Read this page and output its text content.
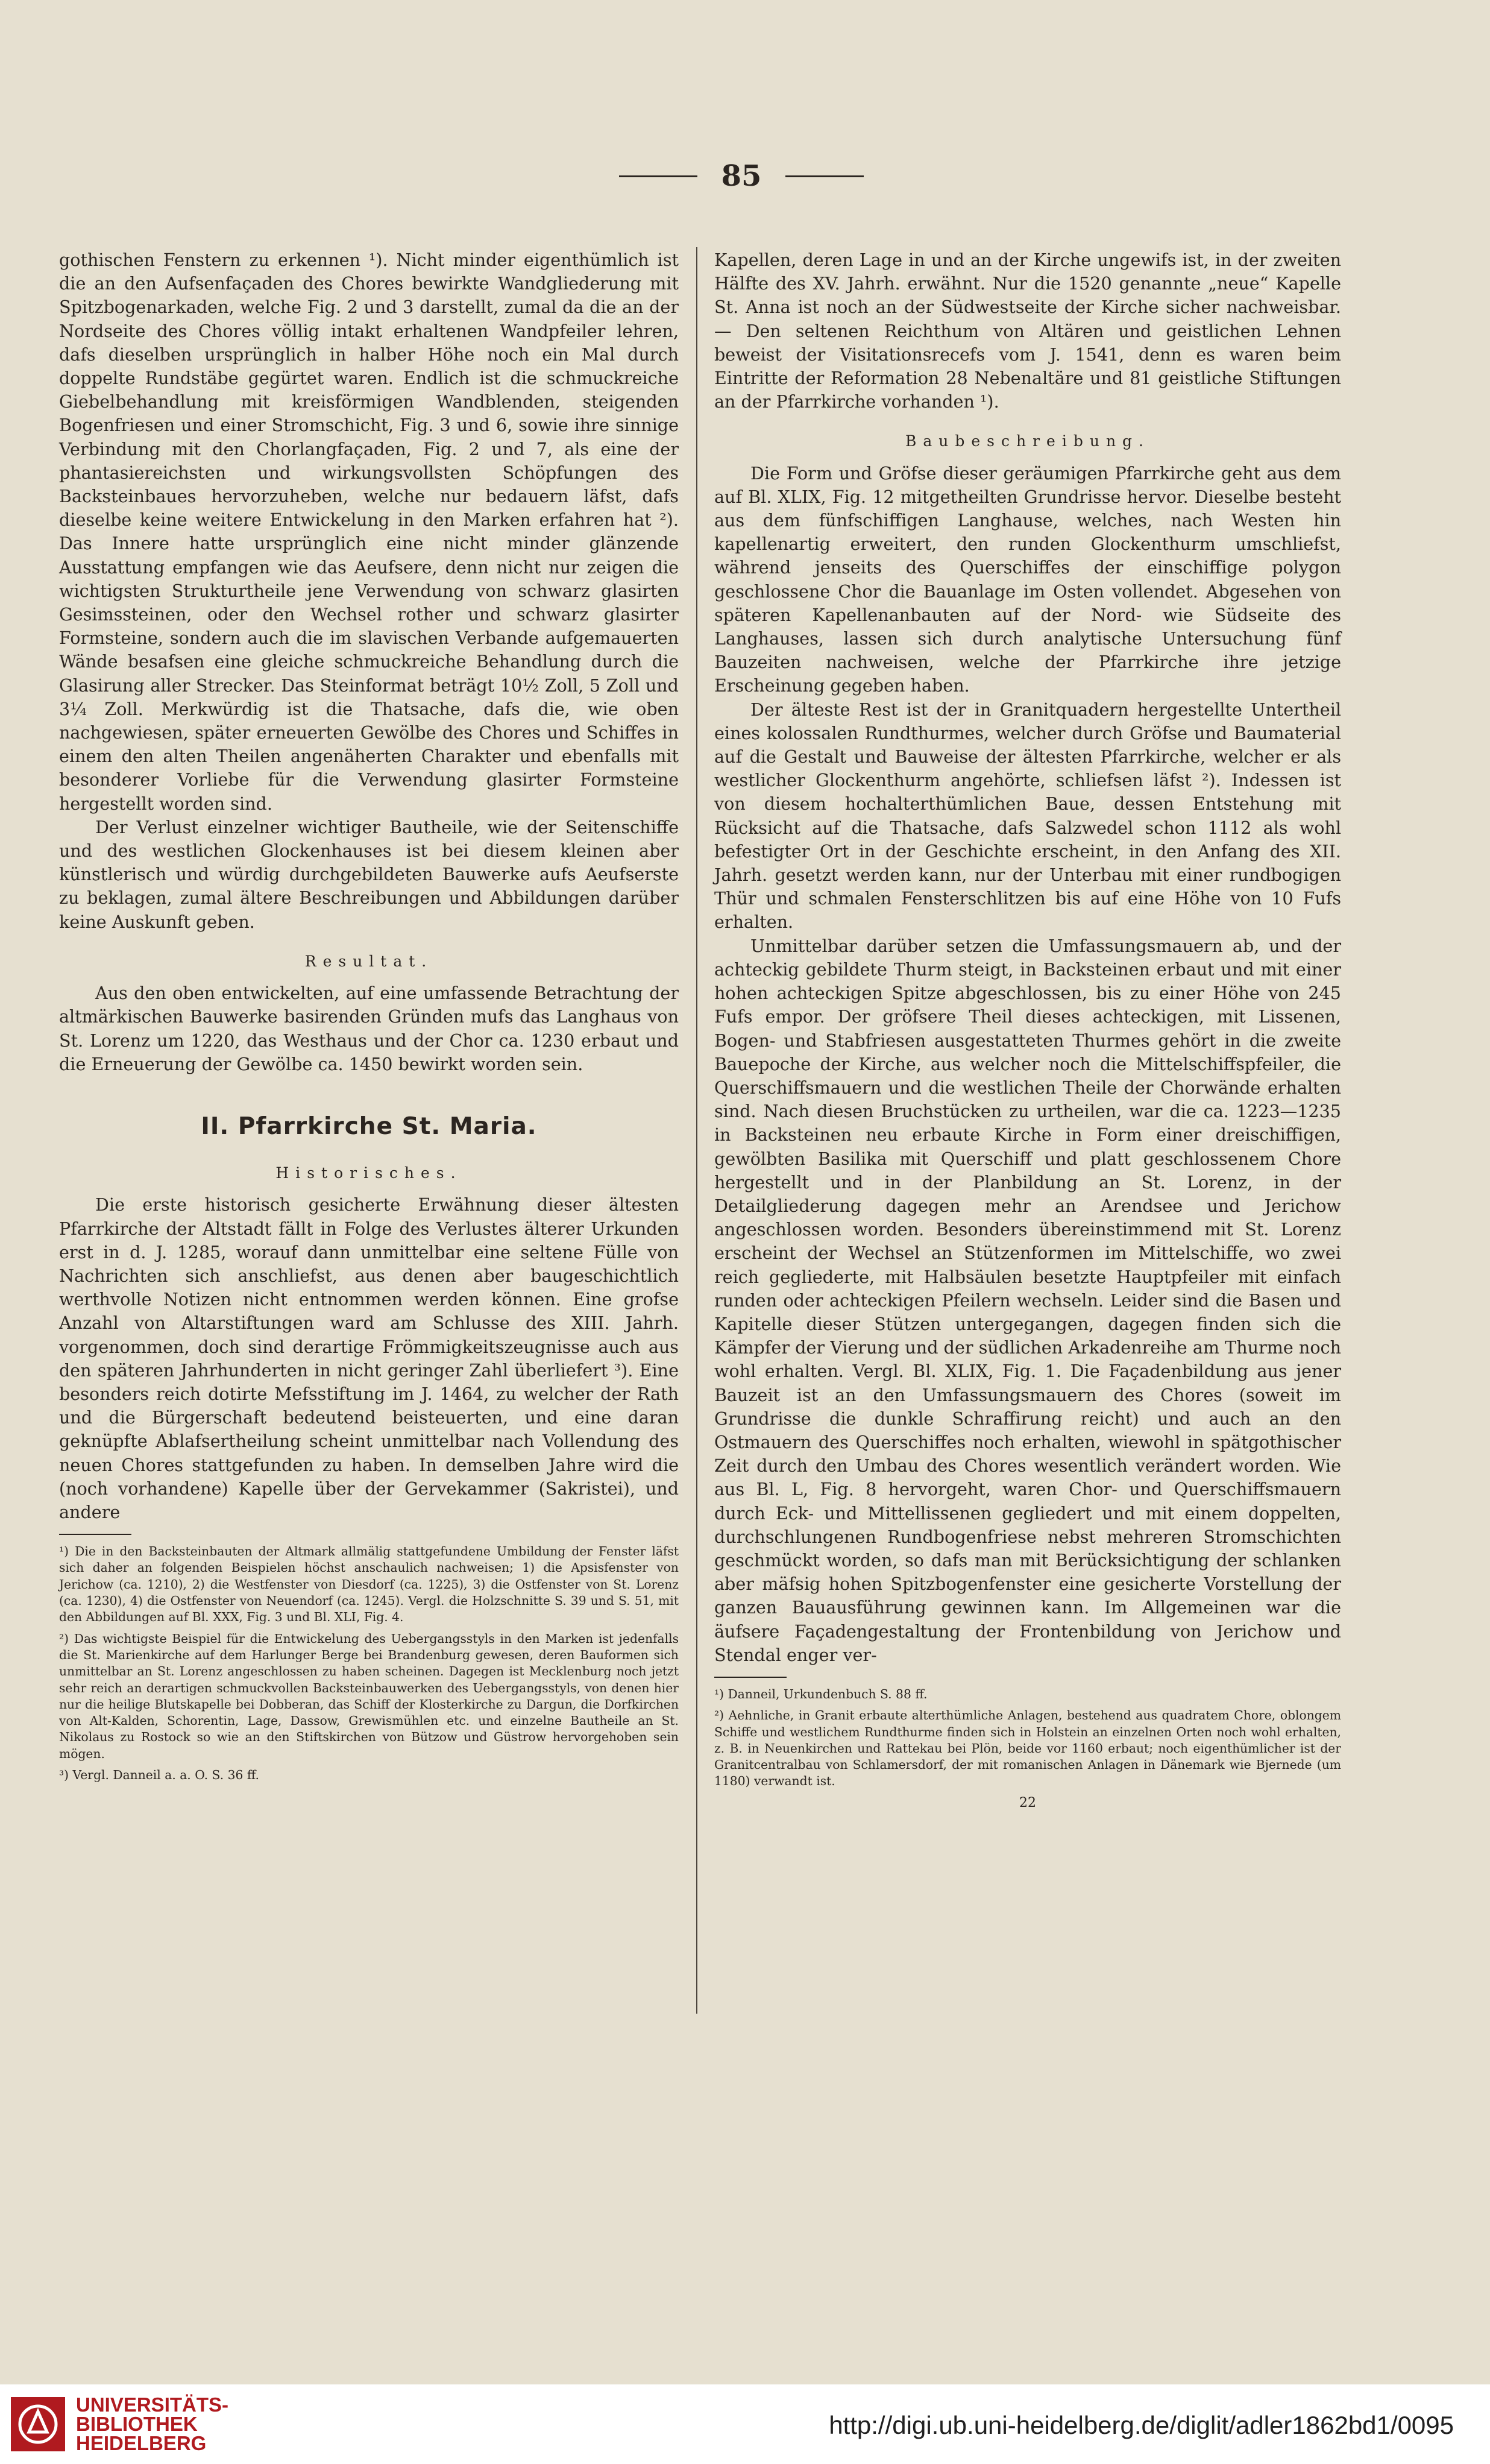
85

gothischen Fenstern zu erkennen ¹). Nicht minder eigenthümlich ist die an den Aufsenfaçaden des Chores bewirkte Wandgliederung mit Spitzbogenarkaden, welche Fig. 2 und 3 darstellt, zumal da die an der Nordseite des Chores völlig intakt erhaltenen Wandpfeiler lehren, dafs dieselben ursprünglich in halber Höhe noch ein Mal durch doppelte Rundstäbe gegürtet waren. Endlich ist die schmuckreiche Giebelbehandlung mit kreisförmigen Wandblenden, steigenden Bogenfriesen und einer Stromschicht, Fig. 3 und 6, sowie ihre sinnige Verbindung mit den Chorlangfaçaden, Fig. 2 und 7, als eine der phantasiereichsten und wirkungsvollsten Schöpfungen des Backsteinbaues hervorzuheben, welche nur bedauern läfst, dafs dieselbe keine weitere Entwickelung in den Marken erfahren hat ²). Das Innere hatte ursprünglich eine nicht minder glänzende Ausstattung empfangen wie das Aeufsere, denn nicht nur zeigen die wichtigsten Strukturtheile jene Verwendung von schwarz glasirten Gesimssteinen, oder den Wechsel rother und schwarz glasirter Formsteine, sondern auch die im slavischen Verbande aufgemauerten Wände besafsen eine gleiche schmuckreiche Behandlung durch die Glasirung aller Strecker. Das Steinformat beträgt 10½ Zoll, 5 Zoll und 3¼ Zoll. Merkwürdig ist die Thatsache, dafs die, wie oben nachgewiesen, später erneuerten Gewölbe des Chores und Schiffes in einem den alten Theilen angenäherten Charakter und ebenfalls mit besonderer Vorliebe für die Verwendung glasirter Formsteine hergestellt worden sind.

Der Verlust einzelner wichtiger Bautheile, wie der Seitenschiffe und des westlichen Glockenhauses ist bei diesem kleinen aber künstlerisch und würdig durchgebildeten Bauwerke aufs Aeufserste zu beklagen, zumal ältere Beschreibungen und Abbildungen darüber keine Auskunft geben.

Resultat.

Aus den oben entwickelten, auf eine umfassende Betrachtung der altmärkischen Bauwerke basirenden Gründen mufs das Langhaus von St. Lorenz um 1220, das Westhaus und der Chor ca. 1230 erbaut und die Erneuerung der Gewölbe ca. 1450 bewirkt worden sein.

II. Pfarrkirche St. Maria.
Historisches.

Die erste historisch gesicherte Erwähnung dieser ältesten Pfarrkirche der Altstadt fällt in Folge des Verlustes älterer Urkunden erst in d. J. 1285, worauf dann unmittelbar eine seltene Fülle von Nachrichten sich anschliefst, aus denen aber baugeschichtlich werthvolle Notizen nicht entnommen werden können. Eine grofse Anzahl von Altarstiftungen ward am Schlusse des XIII. Jahrh. vorgenommen, doch sind derartige Frömmigkeitszeugnisse auch aus den späteren Jahrhunderten in nicht geringer Zahl überliefert ³). Eine besonders reich dotirte Mefsstiftung im J. 1464, zu welcher der Rath und die Bürgerschaft bedeutend beisteuerten, und eine daran geknüpfte Ablafsertheilung scheint unmittelbar nach Vollendung des neuen Chores stattgefunden zu haben. In demselben Jahre wird die (noch vorhandene) Kapelle über der Gervekammer (Sakristei), und andere

¹) Die in den Backsteinbauten der Altmark allmälig stattgefundene Umbildung der Fenster läfst sich daher an folgenden Beispielen höchst anschaulich nachweisen; 1) die Apsisfenster von Jerichow (ca. 1210), 2) die Westfenster von Diesdorf (ca. 1225), 3) die Ostfenster von St. Lorenz (ca. 1230), 4) die Ostfenster von Neuendorf (ca. 1245). Vergl. die Holzschnitte S. 39 und S. 51, mit den Abbildungen auf Bl. XXX, Fig. 3 und Bl. XLI, Fig. 4.

²) Das wichtigste Beispiel für die Entwickelung des Uebergangsstyls in den Marken ist jedenfalls die St. Marienkirche auf dem Harlunger Berge bei Brandenburg gewesen, deren Bauformen sich unmittelbar an St. Lorenz angeschlossen zu haben scheinen. Dagegen ist Mecklenburg noch jetzt sehr reich an derartigen schmuckvollen Backsteinbauwerken des Uebergangsstyls, von denen hier nur die heilige Blutskapelle bei Dobberan, das Schiff der Klosterkirche zu Dargun, die Dorfkirchen von Alt-Kalden, Schorentin, Lage, Dassow, Grewismühlen etc. und einzelne Bautheile an St. Nikolaus zu Rostock so wie an den Stiftskirchen von Bützow und Güstrow hervorgehoben sein mögen.

³) Vergl. Danneil a. a. O. S. 36 ff.

Kapellen, deren Lage in und an der Kirche ungewifs ist, in der zweiten Hälfte des XV. Jahrh. erwähnt. Nur die 1520 genannte „neue“ Kapelle St. Anna ist noch an der Südwestseite der Kirche sicher nachweisbar. — Den seltenen Reichthum von Altären und geistlichen Lehnen beweist der Visitationsrecefs vom J. 1541, denn es waren beim Eintritte der Reformation 28 Nebenaltäre und 81 geistliche Stiftungen an der Pfarrkirche vorhanden ¹).

Baubeschreibung.

Die Form und Gröfse dieser geräumigen Pfarrkirche geht aus dem auf Bl. XLIX, Fig. 12 mitgetheilten Grundrisse hervor. Dieselbe besteht aus dem fünfschiffigen Langhause, welches, nach Westen hin kapellenartig erweitert, den runden Glockenthurm umschliefst, während jenseits des Querschiffes der einschiffige polygon geschlossene Chor die Bauanlage im Osten vollendet. Abgesehen von späteren Kapellenanbauten auf der Nord- wie Südseite des Langhauses, lassen sich durch analytische Untersuchung fünf Bauzeiten nachweisen, welche der Pfarrkirche ihre jetzige Erscheinung gegeben haben.

Der älteste Rest ist der in Granitquadern hergestellte Untertheil eines kolossalen Rundthurmes, welcher durch Gröfse und Baumaterial auf die Gestalt und Bauweise der ältesten Pfarrkirche, welcher er als westlicher Glockenthurm angehörte, schliefsen läfst ²). Indessen ist von diesem hochalterthümlichen Baue, dessen Entstehung mit Rücksicht auf die Thatsache, dafs Salzwedel schon 1112 als wohl befestigter Ort in der Geschichte erscheint, in den Anfang des XII. Jahrh. gesetzt werden kann, nur der Unterbau mit einer rundbogigen Thür und schmalen Fensterschlitzen bis auf eine Höhe von 10 Fufs erhalten.

Unmittelbar darüber setzen die Umfassungsmauern ab, und der achteckig gebildete Thurm steigt, in Backsteinen erbaut und mit einer hohen achteckigen Spitze abgeschlossen, bis zu einer Höhe von 245 Fufs empor. Der gröfsere Theil dieses achteckigen, mit Lissenen, Bogen- und Stabfriesen ausgestatteten Thurmes gehört in die zweite Bauepoche der Kirche, aus welcher noch die Mittelschiffspfeiler, die Querschiffsmauern und die westlichen Theile der Chorwände erhalten sind. Nach diesen Bruchstücken zu urtheilen, war die ca. 1223—1235 in Backsteinen neu erbaute Kirche in Form einer dreischiffigen, gewölbten Basilika mit Querschiff und platt geschlossenem Chore hergestellt und in der Planbildung an St. Lorenz, in der Detailgliederung dagegen mehr an Arendsee und Jerichow angeschlossen worden. Besonders übereinstimmend mit St. Lorenz erscheint der Wechsel an Stützenformen im Mittelschiffe, wo zwei reich gegliederte, mit Halbsäulen besetzte Hauptpfeiler mit einfach runden oder achteckigen Pfeilern wechseln. Leider sind die Basen und Kapitelle dieser Stützen untergegangen, dagegen finden sich die Kämpfer der Vierung und der südlichen Arkadenreihe am Thurme noch wohl erhalten. Vergl. Bl. XLIX, Fig. 1. Die Façadenbildung aus jener Bauzeit ist an den Umfassungsmauern des Chores (soweit im Grundrisse die dunkle Schraffirung reicht) und auch an den Ostmauern des Querschiffes noch erhalten, wiewohl in spätgothischer Zeit durch den Umbau des Chores wesentlich verändert worden. Wie aus Bl. L, Fig. 8 hervorgeht, waren Chor- und Querschiffsmauern durch Eck- und Mittellissenen gegliedert und mit einem doppelten, durchschlungenen Rundbogenfriese nebst mehreren Stromschichten geschmückt worden, so dafs man mit Berücksichtigung der schlanken aber mäfsig hohen Spitzbogenfenster eine gesicherte Vorstellung der ganzen Bauausführung gewinnen kann. Im Allgemeinen war die äufsere Façadengestaltung der Frontenbildung von Jerichow und Stendal enger ver-

¹) Danneil, Urkundenbuch S. 88 ff.

²) Aehnliche, in Granit erbaute alterthümliche Anlagen, bestehend aus quadratem Chore, oblongem Schiffe und westlichem Rundthurme finden sich in Holstein an einzelnen Orten noch wohl erhalten, z. B. in Neuenkirchen und Rattekau bei Plön, beide vor 1160 erbaut; noch eigenthümlicher ist der Granitcentralbau von Schlamersdorf, der mit romanischen Anlagen in Dänemark wie Bjernede (um 1180) verwandt ist.

22
UNIVERSITÄTS-
BIBLIOTHEK
HEIDELBERG
http://digi.ub.uni-heidelberg.de/diglit/adler1862bd1/0095
